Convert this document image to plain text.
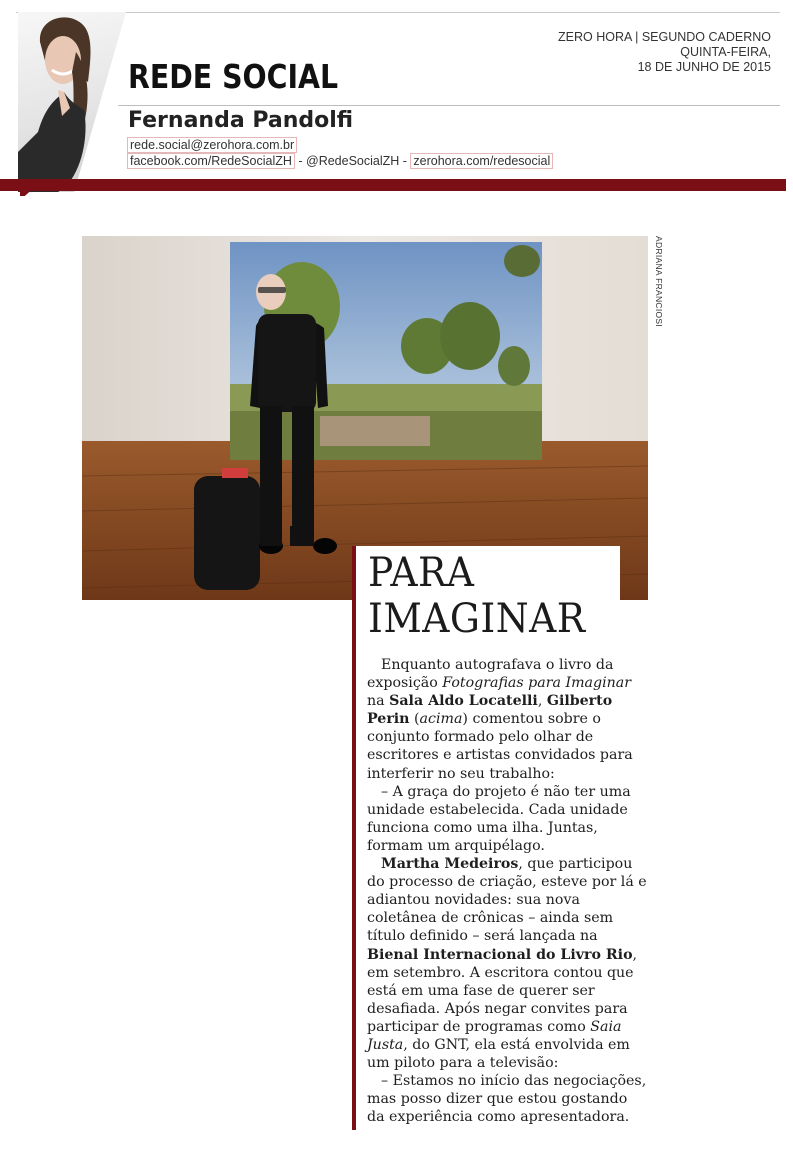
REDE SOCIAL
ZERO HORA | SEGUNDO CADERNO
QUINTA-FEIRA,
18 DE JUNHO DE 2015
Fernanda Pandolfi
rede.social@zerohora.com.br
facebook.com/RedeSocialZH - @RedeSocialZH - zerohora.com/redesocial
ADRIANA FRANCIOSI
PARA
IMAGINAR

Enquanto autografava o livro da exposição Fotografias para Imaginar na Sala Aldo Locatelli, Gilberto Perin (acima) comentou sobre o conjunto formado pelo olhar de escritores e artistas convidados para interferir no seu trabalho:

– A graça do projeto é não ter uma unidade estabelecida. Cada unidade funciona como uma ilha. Juntas, formam um arquipélago.

Martha Medeiros, que participou do processo de criação, esteve por lá e adiantou novidades: sua nova coletânea de crônicas – ainda sem título definido – será lançada na Bienal Internacional do Livro Rio, em setembro. A escritora contou que está em uma fase de querer ser desafiada. Após negar convites para participar de programas como Saia Justa, do GNT, ela está envolvida em um piloto para a televisão:

– Estamos no início das negociações, mas posso dizer que estou gostando da experiência como apresentadora.
